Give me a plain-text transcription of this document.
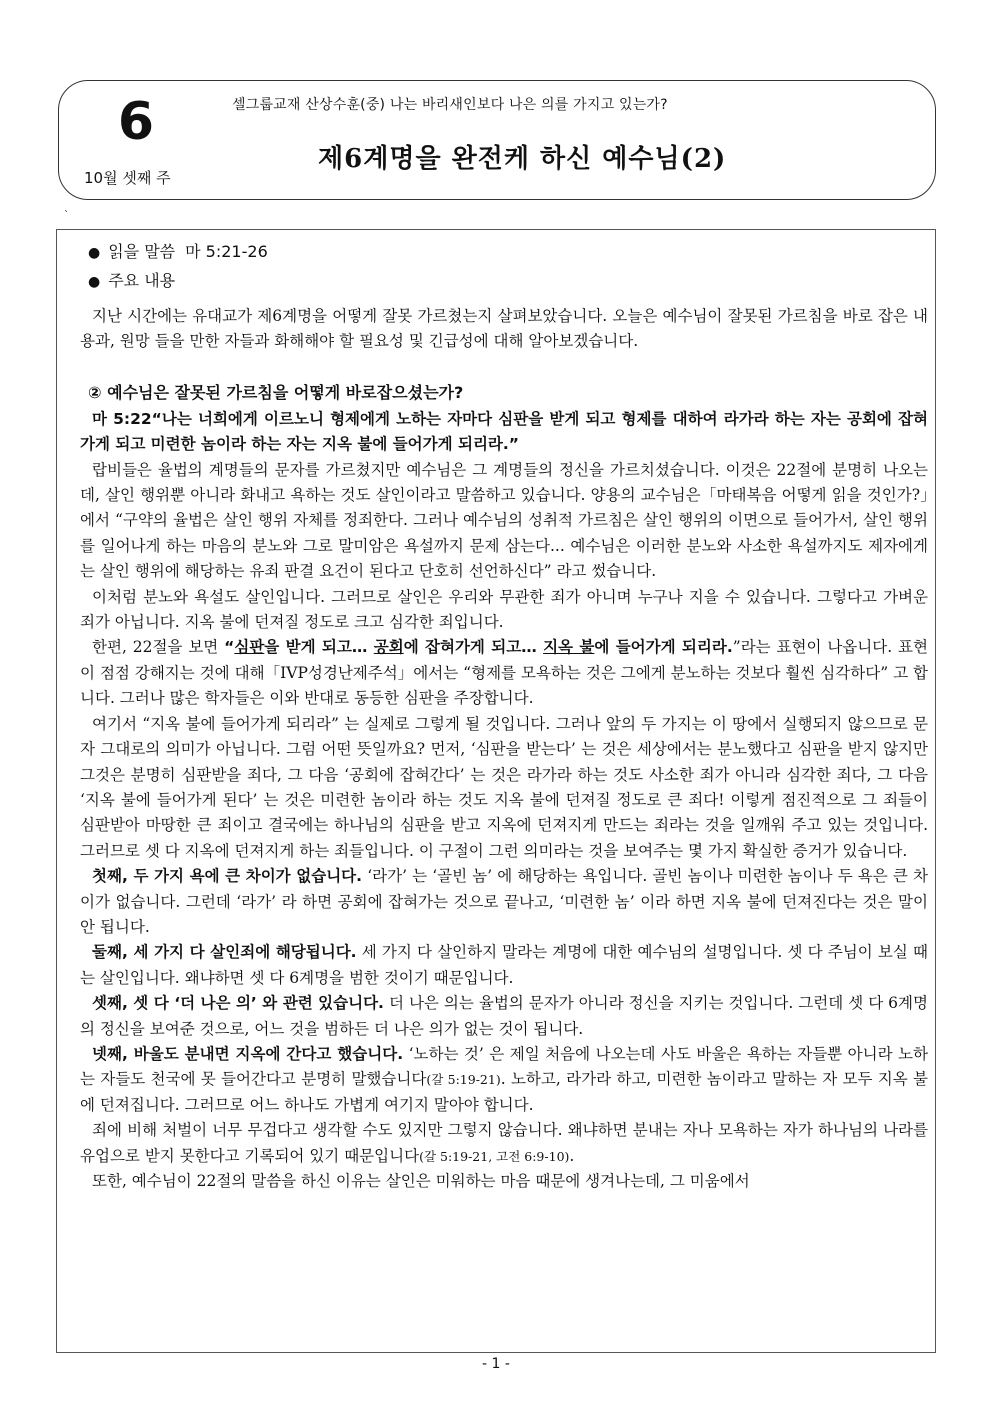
6
10월 셋째 주
셀그룹교재 산상수훈(중) 나는 바리새인보다 나은 의를 가지고 있는가?
제6계명을 완전케 하신 예수님(2)
`
● 읽을 말씀 마 5:21-26
● 주요 내용

지난 시간에는 유대교가 제6계명을 어떻게 잘못 가르쳤는지 살펴보았습니다. 오늘은 예수님이 잘못된 가르침을 바로 잡은 내용과, 원망 들을 만한 자들과 화해해야 할 필요성 및 긴급성에 대해 알아보겠습니다.

② 예수님은 잘못된 가르침을 어떻게 바로잡으셨는가?

마 5:22“나는 너희에게 이르노니 형제에게 노하는 자마다 심판을 받게 되고 형제를 대하여 라가라 하는 자는 공회에 잡혀가게 되고 미련한 놈이라 하는 자는 지옥 불에 들어가게 되리라.”

랍비들은 율법의 계명들의 문자를 가르쳤지만 예수님은 그 계명들의 정신을 가르치셨습니다. 이것은 22절에 분명히 나오는데, 살인 행위뿐 아니라 화내고 욕하는 것도 살인이라고 말씀하고 있습니다. 양용의 교수님은「마태복음 어떻게 읽을 것인가?」에서 “구약의 율법은 살인 행위 자체를 정죄한다. 그러나 예수님의 성취적 가르침은 살인 행위의 이면으로 들어가서, 살인 행위를 일어나게 하는 마음의 분노와 그로 말미암은 욕설까지 문제 삼는다... 예수님은 이러한 분노와 사소한 욕설까지도 제자에게는 살인 행위에 해당하는 유죄 판결 요건이 된다고 단호히 선언하신다” 라고 썼습니다.

이처럼 분노와 욕설도 살인입니다. 그러므로 살인은 우리와 무관한 죄가 아니며 누구나 지을 수 있습니다. 그렇다고 가벼운 죄가 아닙니다. 지옥 불에 던져질 정도로 크고 심각한 죄입니다.

한편, 22절을 보면 “심판을 받게 되고… 공회에 잡혀가게 되고… 지옥 불에 들어가게 되리라.”라는 표현이 나옵니다. 표현이 점점 강해지는 것에 대해「IVP성경난제주석」에서는 “형제를 모욕하는 것은 그에게 분노하는 것보다 훨씬 심각하다” 고 합니다. 그러나 많은 학자들은 이와 반대로 동등한 심판을 주장합니다.

여기서 “지옥 불에 들어가게 되리라” 는 실제로 그렇게 될 것입니다. 그러나 앞의 두 가지는 이 땅에서 실행되지 않으므로 문자 그대로의 의미가 아닙니다. 그럼 어떤 뜻일까요? 먼저, ‘심판을 받는다’ 는 것은 세상에서는 분노했다고 심판을 받지 않지만 그것은 분명히 심판받을 죄다, 그 다음 ‘공회에 잡혀간다’ 는 것은 라가라 하는 것도 사소한 죄가 아니라 심각한 죄다, 그 다음 ‘지옥 불에 들어가게 된다’ 는 것은 미련한 놈이라 하는 것도 지옥 불에 던져질 정도로 큰 죄다! 이렇게 점진적으로 그 죄들이 심판받아 마땅한 큰 죄이고 결국에는 하나님의 심판을 받고 지옥에 던져지게 만드는 죄라는 것을 일깨워 주고 있는 것입니다. 그러므로 셋 다 지옥에 던져지게 하는 죄들입니다. 이 구절이 그런 의미라는 것을 보여주는 몇 가지 확실한 증거가 있습니다.

첫째, 두 가지 욕에 큰 차이가 없습니다. ‘라가’ 는 ‘골빈 놈’ 에 해당하는 욕입니다. 골빈 놈이나 미련한 놈이나 두 욕은 큰 차이가 없습니다. 그런데 ‘라가’ 라 하면 공회에 잡혀가는 것으로 끝나고, ‘미련한 놈’ 이라 하면 지옥 불에 던져진다는 것은 말이 안 됩니다.

둘째, 세 가지 다 살인죄에 해당됩니다. 세 가지 다 살인하지 말라는 계명에 대한 예수님의 설명입니다. 셋 다 주님이 보실 때는 살인입니다. 왜냐하면 셋 다 6계명을 범한 것이기 때문입니다.

셋째, 셋 다 ‘더 나은 의’ 와 관련 있습니다. 더 나은 의는 율법의 문자가 아니라 정신을 지키는 것입니다. 그런데 셋 다 6계명의 정신을 보여준 것으로, 어느 것을 범하든 더 나은 의가 없는 것이 됩니다.

넷째, 바울도 분내면 지옥에 간다고 했습니다. ‘노하는 것’ 은 제일 처음에 나오는데 사도 바울은 욕하는 자들뿐 아니라 노하는 자들도 천국에 못 들어간다고 분명히 말했습니다(갈 5:19-21). 노하고, 라가라 하고, 미련한 놈이라고 말하는 자 모두 지옥 불에 던져집니다. 그러므로 어느 하나도 가볍게 여기지 말아야 합니다.

죄에 비해 처벌이 너무 무겁다고 생각할 수도 있지만 그렇지 않습니다. 왜냐하면 분내는 자나 모욕하는 자가 하나님의 나라를 유업으로 받지 못한다고 기록되어 있기 때문입니다(갈 5:19-21, 고전 6:9-10).

또한, 예수님이 22절의 말씀을 하신 이유는 살인은 미워하는 마음 때문에 생겨나는데, 그 미움에서

- 1 -
